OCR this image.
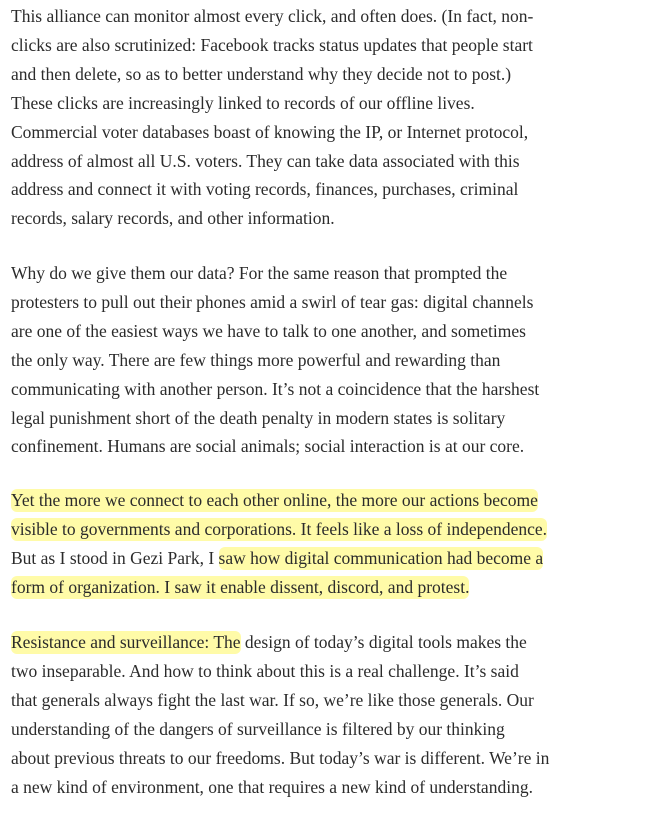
This alliance can monitor almost every click, and often does. (In fact, non-
clicks are also scrutinized: Facebook tracks status updates that people start
and then delete, so as to better understand why they decide not to post.)
These clicks are increasingly linked to records of our offline lives.
Commercial voter databases boast of knowing the IP, or Internet protocol,
address of almost all U.S. voters. They can take data associated with this
address and connect it with voting records, finances, purchases, criminal
records, salary records, and other information.

Why do we give them our data? For the same reason that prompted the
protesters to pull out their phones amid a swirl of tear gas: digital channels
are one of the easiest ways we have to talk to one another, and sometimes
the only way. There are few things more powerful and rewarding than
communicating with another person. It’s not a coincidence that the harshest
legal punishment short of the death penalty in modern states is solitary
confinement. Humans are social animals; social interaction is at our core.

Yet the more we connect to each other online, the more our actions become
visible to governments and corporations. It feels like a loss of independence.
But as I stood in Gezi Park, I saw how digital communication had become a
form of organization. I saw it enable dissent, discord, and protest.

Resistance and surveillance: The design of today’s digital tools makes the
two inseparable. And how to think about this is a real challenge. It’s said
that generals always fight the last war. If so, we’re like those generals. Our
understanding of the dangers of surveillance is filtered by our thinking
about previous threats to our freedoms. But today’s war is different. We’re in
a new kind of environment, one that requires a new kind of understanding.
